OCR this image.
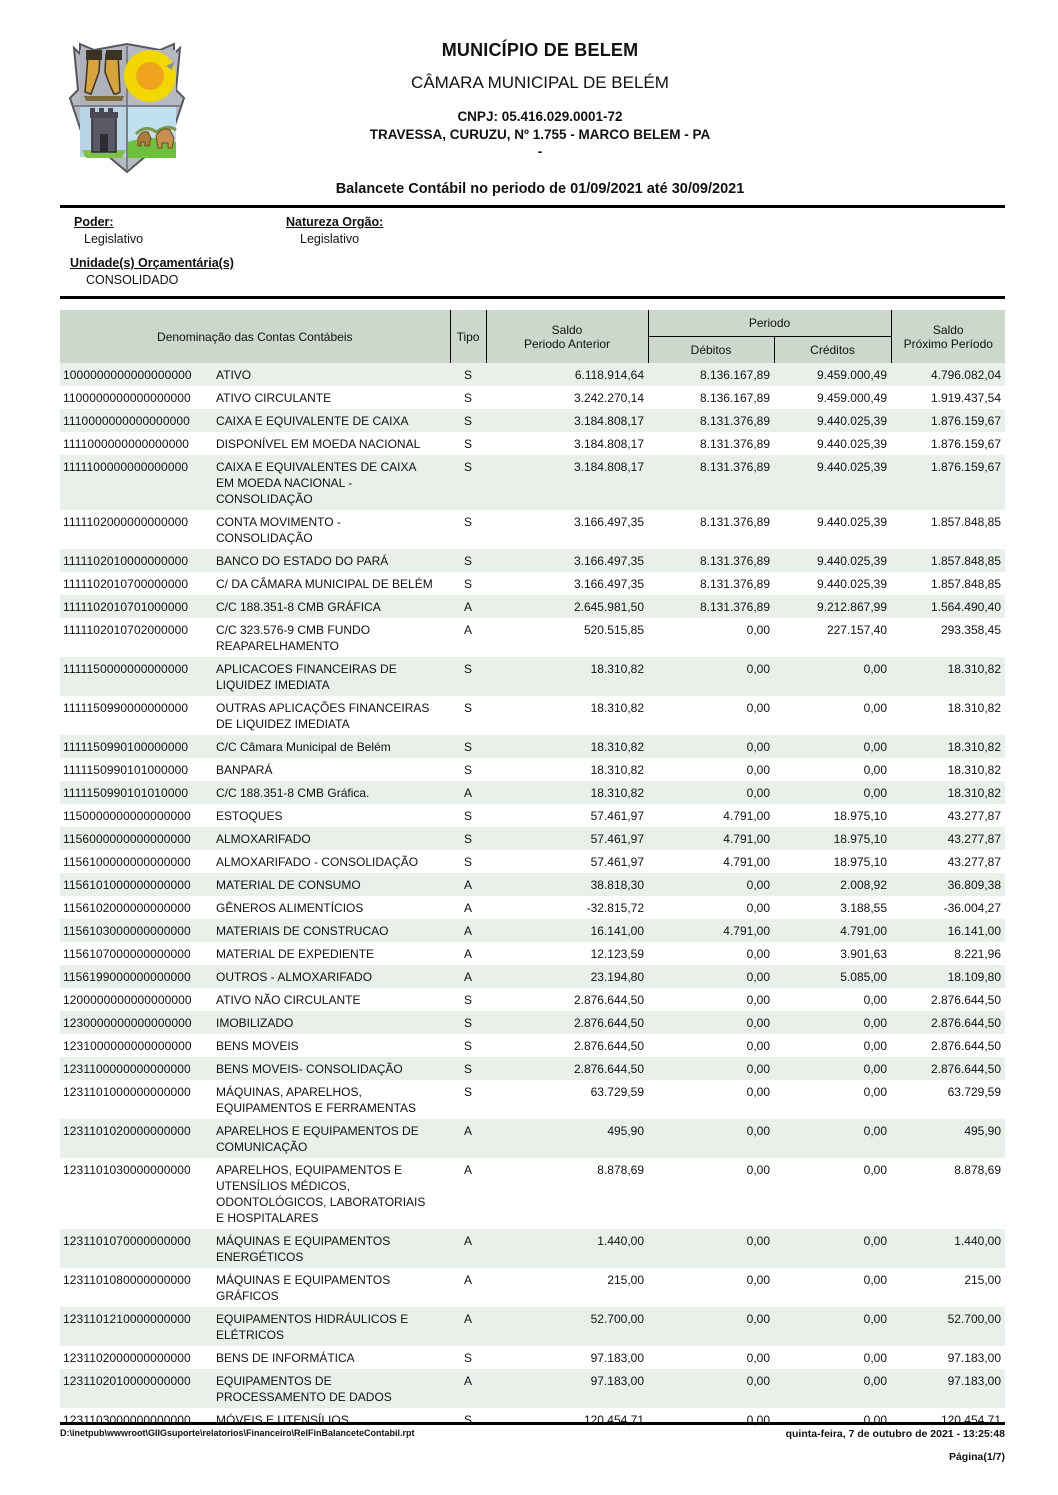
MUNICÍPIO DE BELEM
CÂMARA MUNICIPAL DE BELÉM
CNPJ: 05.416.029.0001-72
TRAVESSA, CURUZU, Nº 1.755 - MARCO BELEM - PA
-
Balancete Contábil no periodo de 01/09/2021 até 30/09/2021
Poder:
Legislativo
Natureza Orgão:
Legislativo
Unidade(s) Orçamentária(s)
CONSOLIDADO
Denominação das Contas Contábeis	Tipo	Saldo
Periodo Anterior
	Periodo	Saldo
Próximo Período

				Débitos	Créditos	
1000000000000000000	ATIVO	S	6.118.914,64	8.136.167,89	9.459.000,49	4.796.082,04
1100000000000000000	ATIVO CIRCULANTE	S	3.242.270,14	8.136.167,89	9.459.000,49	1.919.437,54
1110000000000000000	CAIXA E EQUIVALENTE DE CAIXA	S	3.184.808,17	8.131.376,89	9.440.025,39	1.876.159,67
1111000000000000000	DISPONÍVEL EM MOEDA NACIONAL	S	3.184.808,17	8.131.376,89	9.440.025,39	1.876.159,67
1111100000000000000	CAIXA E EQUIVALENTES DE CAIXA EM MOEDA NACIONAL - CONSOLIDAÇÃO	S	3.184.808,17	8.131.376,89	9.440.025,39	1.876.159,67
1111102000000000000	CONTA MOVIMENTO - CONSOLIDAÇÃO	S	3.166.497,35	8.131.376,89	9.440.025,39	1.857.848,85
1111102010000000000	BANCO DO ESTADO DO PARÁ	S	3.166.497,35	8.131.376,89	9.440.025,39	1.857.848,85
1111102010700000000	C/ DA CÂMARA MUNICIPAL DE BELÉM	S	3.166.497,35	8.131.376,89	9.440.025,39	1.857.848,85
1111102010701000000	C/C 188.351-8 CMB GRÁFICA	A	2.645.981,50	8.131.376,89	9.212.867,99	1.564.490,40
1111102010702000000	C/C 323.576-9 CMB FUNDO REAPARELHAMENTO	A	520.515,85	0,00	227.157,40	293.358,45
1111150000000000000	APLICACOES FINANCEIRAS DE LIQUIDEZ IMEDIATA	S	18.310,82	0,00	0,00	18.310,82
1111150990000000000	OUTRAS APLICAÇÕES FINANCEIRAS DE LIQUIDEZ IMEDIATA	S	18.310,82	0,00	0,00	18.310,82
1111150990100000000	C/C Câmara Municipal de Belém	S	18.310,82	0,00	0,00	18.310,82
1111150990101000000	BANPARÁ	S	18.310,82	0,00	0,00	18.310,82
1111150990101010000	C/C 188.351-8 CMB Gráfica.	A	18.310,82	0,00	0,00	18.310,82
1150000000000000000	ESTOQUES	S	57.461,97	4.791,00	18.975,10	43.277,87
1156000000000000000	ALMOXARIFADO	S	57.461,97	4.791,00	18.975,10	43.277,87
1156100000000000000	ALMOXARIFADO - CONSOLIDAÇÃO	S	57.461,97	4.791,00	18.975,10	43.277,87
1156101000000000000	MATERIAL DE CONSUMO	A	38.818,30	0,00	2.008,92	36.809,38
1156102000000000000	GÊNEROS ALIMENTÍCIOS	A	-32.815,72	0,00	3.188,55	-36.004,27
1156103000000000000	MATERIAIS DE CONSTRUCAO	A	16.141,00	4.791,00	4.791,00	16.141,00
1156107000000000000	MATERIAL DE EXPEDIENTE	A	12.123,59	0,00	3.901,63	8.221,96
1156199000000000000	OUTROS - ALMOXARIFADO	A	23.194,80	0,00	5.085,00	18.109,80
1200000000000000000	ATIVO NÃO CIRCULANTE	S	2.876.644,50	0,00	0,00	2.876.644,50
1230000000000000000	IMOBILIZADO	S	2.876.644,50	0,00	0,00	2.876.644,50
1231000000000000000	BENS MOVEIS	S	2.876.644,50	0,00	0,00	2.876.644,50
1231100000000000000	BENS MOVEIS- CONSOLIDAÇÃO	S	2.876.644,50	0,00	0,00	2.876.644,50
1231101000000000000	MÁQUINAS, APARELHOS, EQUIPAMENTOS E FERRAMENTAS	S	63.729,59	0,00	0,00	63.729,59
1231101020000000000	APARELHOS E EQUIPAMENTOS DE COMUNICAÇÃO	A	495,90	0,00	0,00	495,90
1231101030000000000	APARELHOS, EQUIPAMENTOS E UTENSÍLIOS MÉDICOS, ODONTOLÓGICOS, LABORATORIAIS E HOSPITALARES	A	8.878,69	0,00	0,00	8.878,69
1231101070000000000	MÁQUINAS E EQUIPAMENTOS ENERGÉTICOS	A	1.440,00	0,00	0,00	1.440,00
1231101080000000000	MÁQUINAS E EQUIPAMENTOS GRÁFICOS	A	215,00	0,00	0,00	215,00
1231101210000000000	EQUIPAMENTOS HIDRÁULICOS E ELÉTRICOS	A	52.700,00	0,00	0,00	52.700,00
1231102000000000000	BENS DE INFORMÁTICA	S	97.183,00	0,00	0,00	97.183,00
1231102010000000000	EQUIPAMENTOS DE PROCESSAMENTO DE DADOS	A	97.183,00	0,00	0,00	97.183,00
1231103000000000000	MÓVEIS E UTENSÍLIOS	S	120.454,71	0,00	0,00	120.454,71
D:\inetpub\wwwroot\GIIGsuporte\relatorios\Financeiro\RelFinBalanceteContabil.rpt	quinta-feira, 7 de outubro de 2021 - 13:25:48
Página(1/7)
